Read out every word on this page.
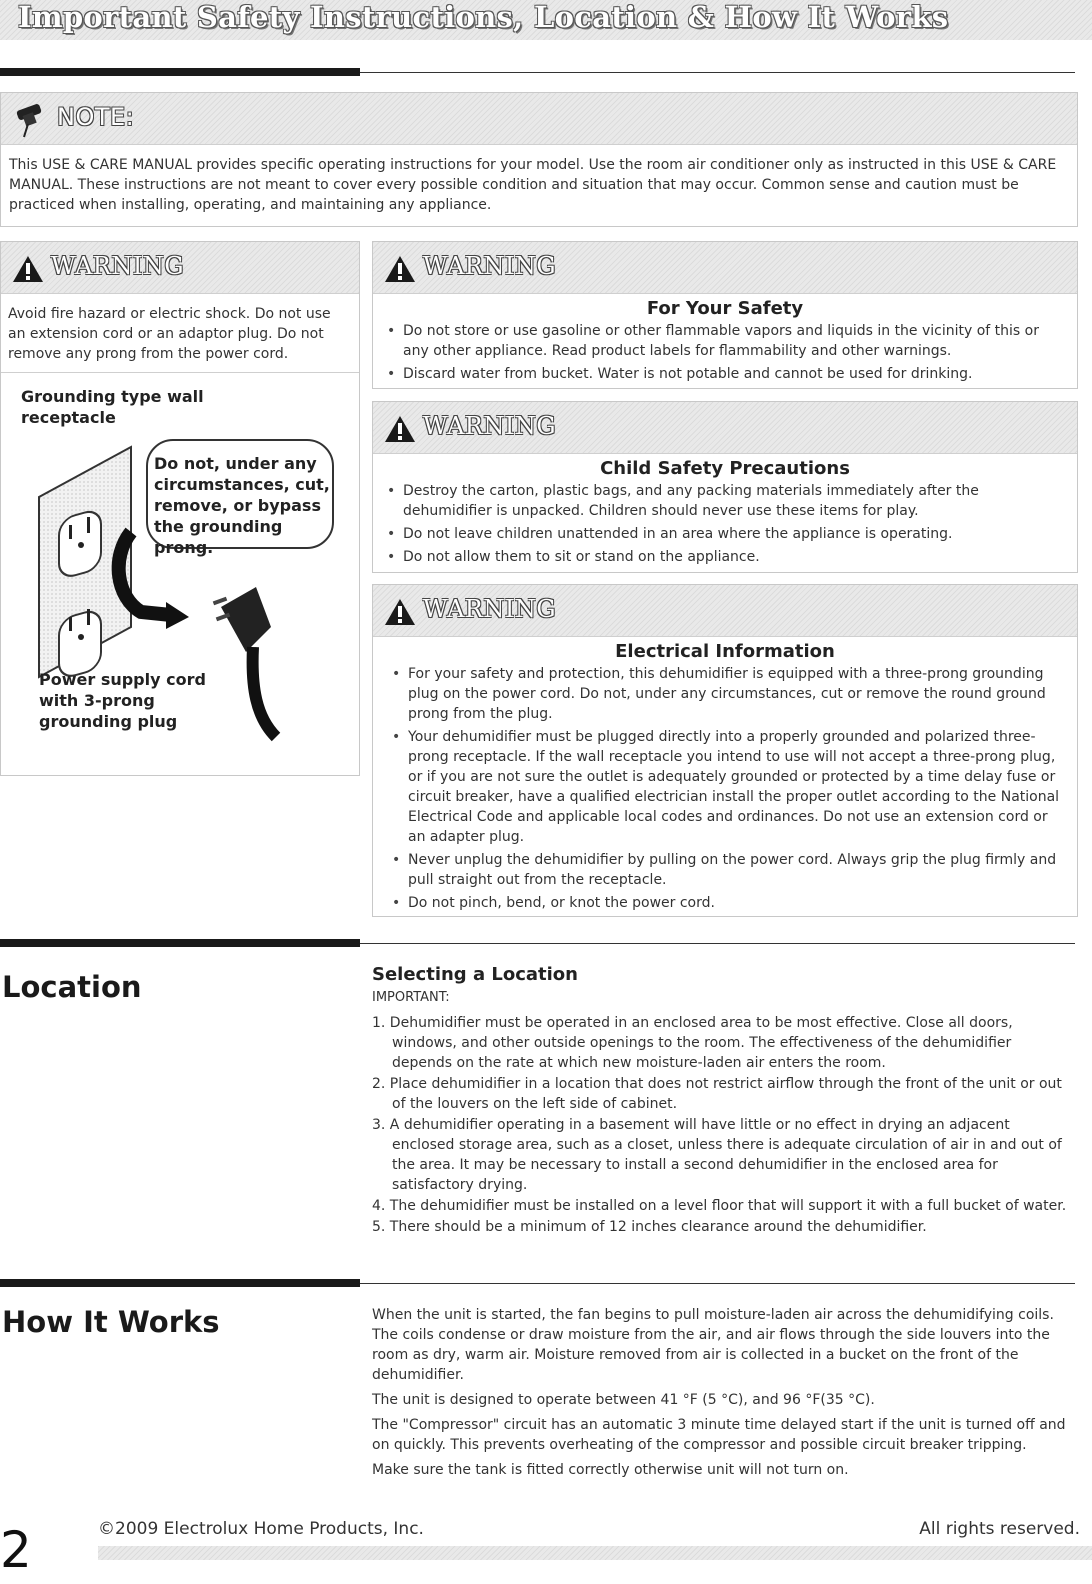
Important Safety Instructions, Location & How It Works
NOTE:
This USE & CARE MANUAL provides specific operating instructions for your model. Use the room air conditioner only as instructed in this USE & CARE MANUAL. These instructions are not meant to cover every possible condition and situation that may occur. Common sense and caution must be practiced when installing, operating, and maintaining any appliance.
WARNING
Avoid fire hazard or electric shock. Do not use an extension cord or an adaptor plug. Do not remove any prong from the power cord.
Grounding type wall receptacle
Do not, under any circumstances, cut, remove, or bypass the grounding prong.
Power supply cord with 3-prong grounding plug
WARNING
For Your Safety
• Do not store or use gasoline or other flammable vapors and liquids in the vicinity of this or any other appliance. Read product labels for flammability and other warnings.
• Discard water from bucket. Water is not potable and cannot be used for drinking.
WARNING
Child Safety Precautions
• Destroy the carton, plastic bags, and any packing materials immediately after the dehumidifier is unpacked. Children should never use these items for play.
• Do not leave children unattended in an area where the appliance is operating.
• Do not allow them to sit or stand on the appliance.
WARNING
Electrical Information
• For your safety and protection, this dehumidifier is equipped with a three-prong grounding plug on the power cord. Do not, under any circumstances, cut or remove the round ground prong from the plug.
• Your dehumidifier must be plugged directly into a properly grounded and polarized three-prong receptacle. If the wall receptacle you intend to use will not accept a three-prong plug, or if you are not sure the outlet is adequately grounded or protected by a time delay fuse or circuit breaker, have a qualified electrician install the proper outlet according to the National Electrical Code and applicable local codes and ordinances. Do not use an extension cord or an adapter plug.
• Never unplug the dehumidifier by pulling on the power cord. Always grip the plug firmly and pull straight out from the receptacle.
• Do not pinch, bend, or knot the power cord.
Location	Selecting a Location
IMPORTANT:
1. Dehumidifier must be operated in an enclosed area to be most effective. Close all doors, windows, and other outside openings to the room. The effectiveness of the dehumidifier depends on the rate at which new moisture-laden air enters the room.
2. Place dehumidifier in a location that does not restrict airflow through the front of the unit or out of the louvers on the left side of cabinet.
3. A dehumidifier operating in a basement will have little or no effect in drying an adjacent enclosed storage area, such as a closet, unless there is adequate circulation of air in and out of the area. It may be necessary to install a second dehumidifier in the enclosed area for satisfactory drying.
4. The dehumidifier must be installed on a level floor that will support it with a full bucket of water.
5. There should be a minimum of 12 inches clearance around the dehumidifier.
How It Works	When the unit is started, the fan begins to pull moisture-laden air across the dehumidifying coils. The coils condense or draw moisture from the air, and air flows through the side louvers into the room as dry, warm air. Moisture removed from air is collected in a bucket on the front of the dehumidifier.
The unit is designed to operate between 41 °F (5 °C), and 96 °F(35 °C).
The "Compressor" circuit has an automatic 3 minute time delayed start if the unit is turned off and on quickly. This prevents overheating of the compressor and possible circuit breaker tripping.
Make sure the tank is fitted correctly otherwise unit will not turn on.
2	©2009 Electrolux Home Products, Inc.	All rights reserved.
